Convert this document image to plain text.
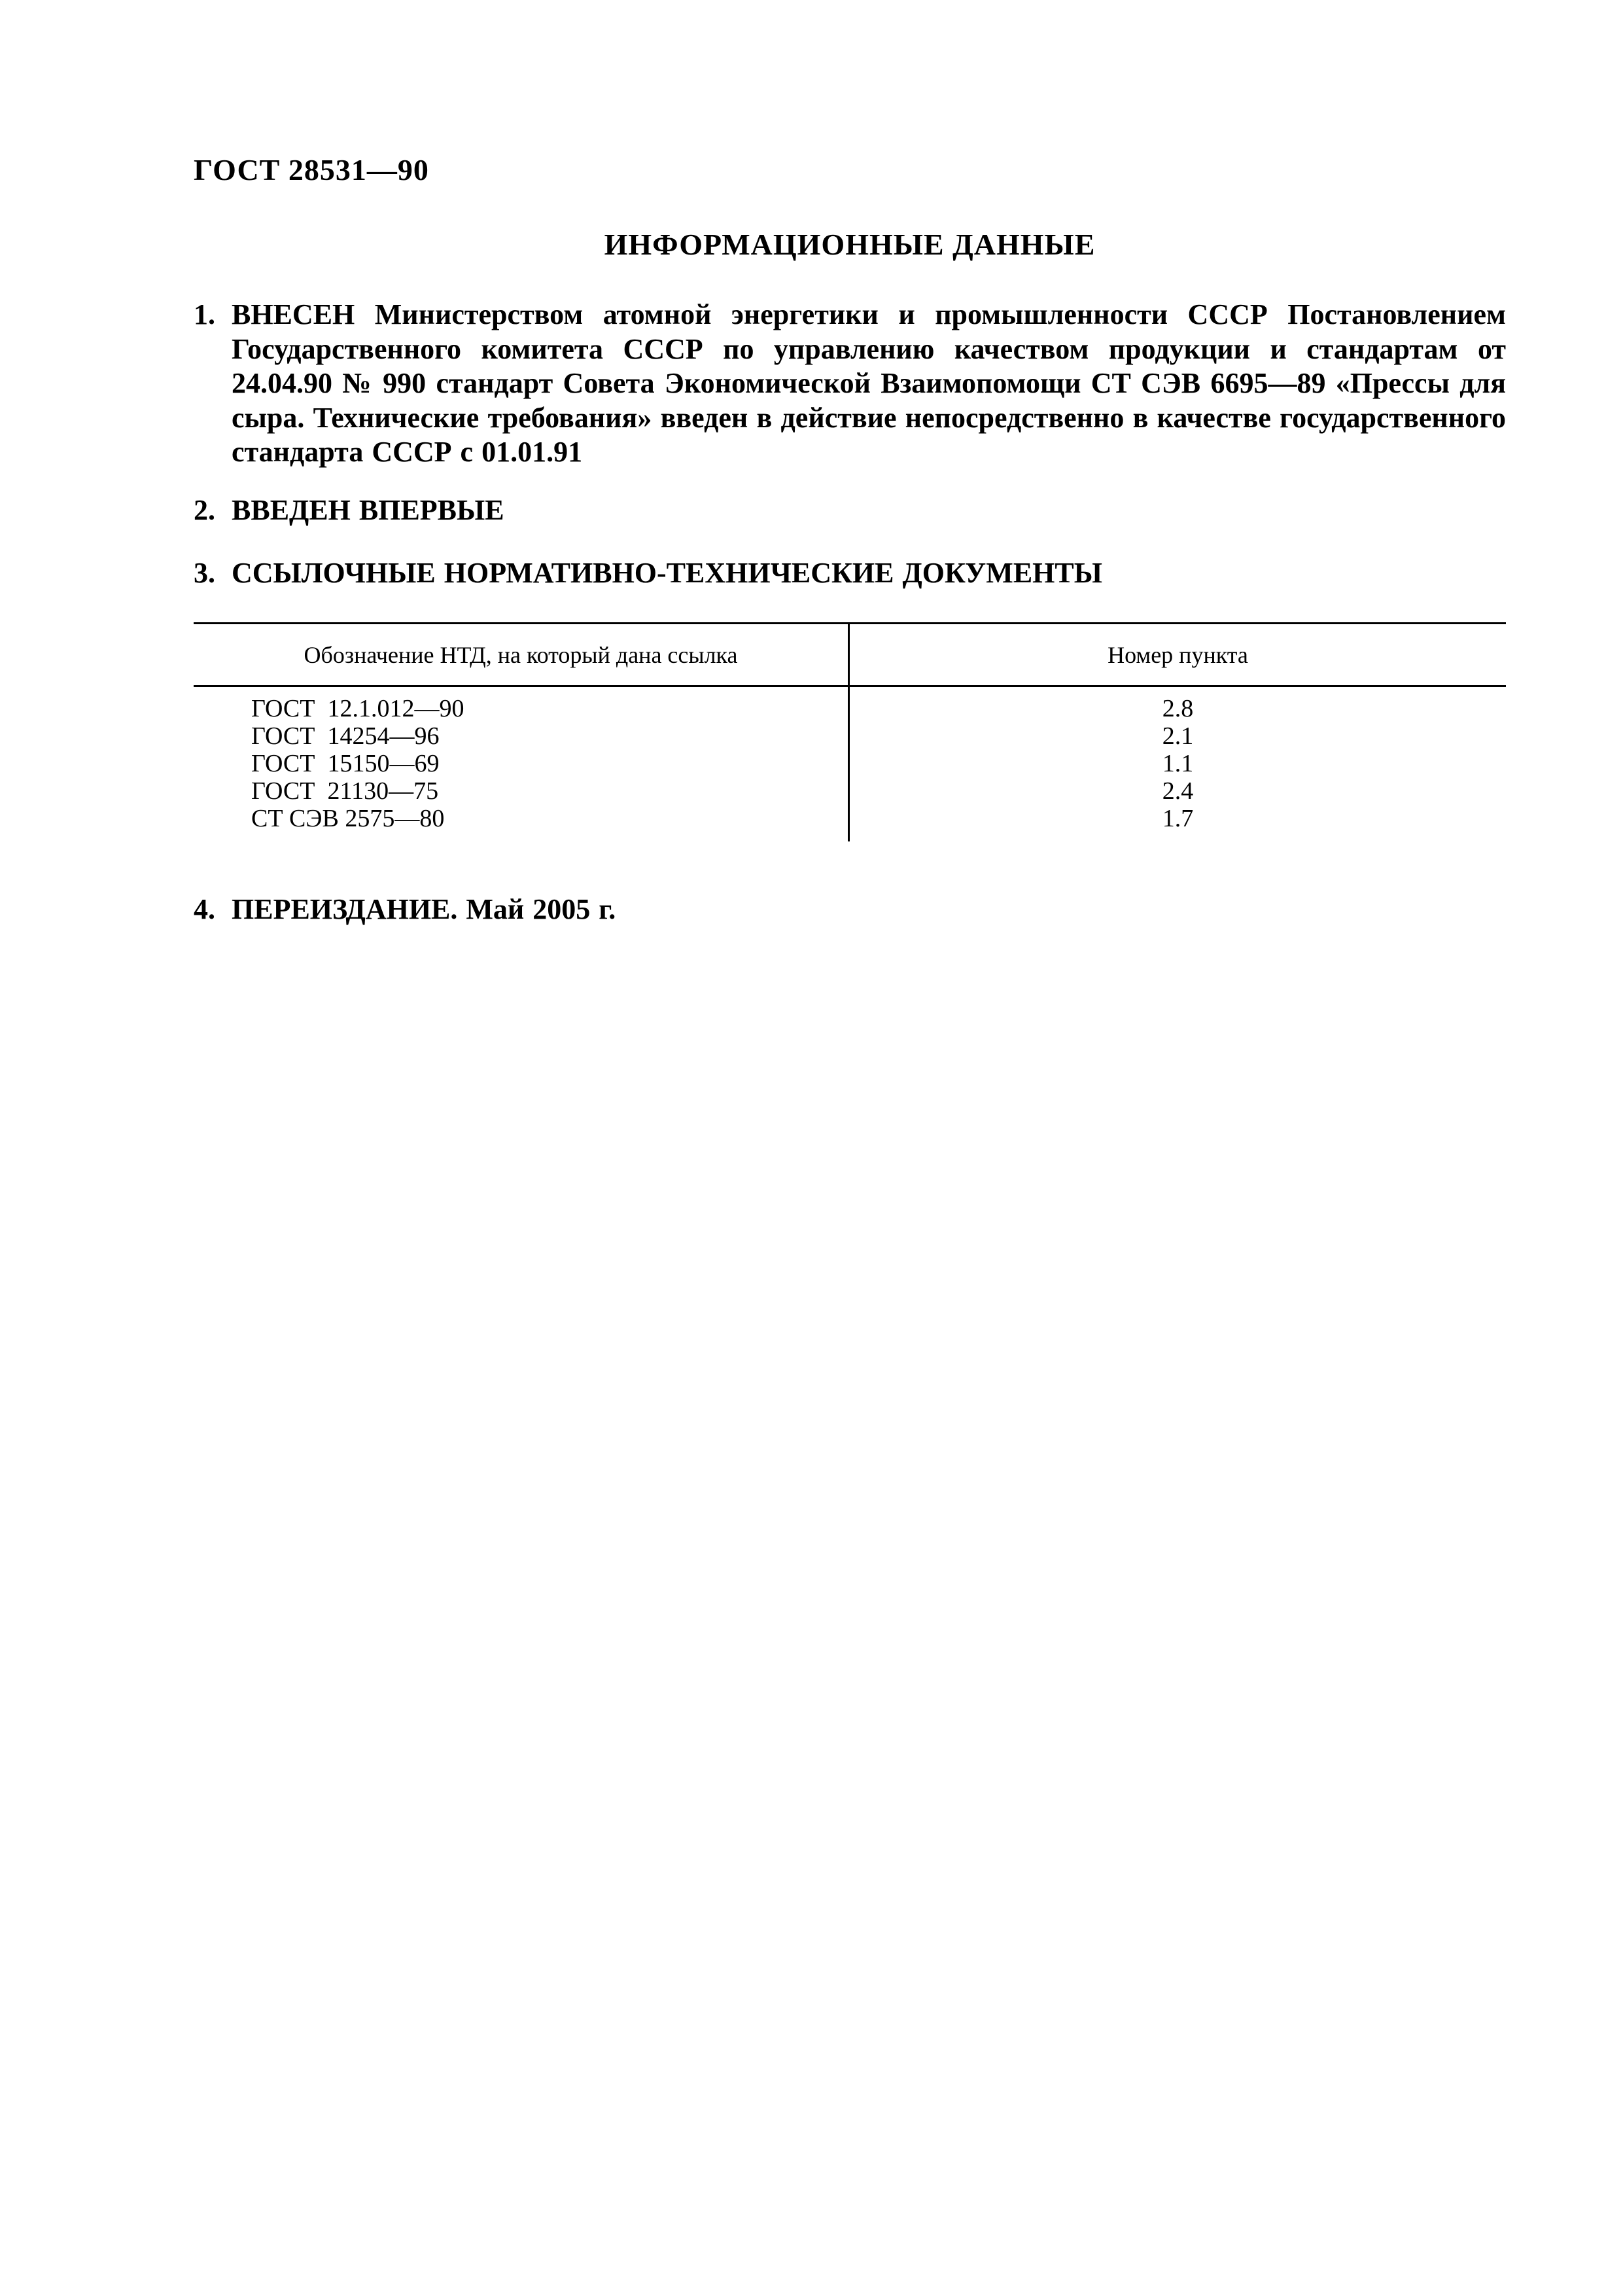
ГОСТ 28531—90
ИНФОРМАЦИОННЫЕ ДАННЫЕ
1. ВНЕСЕН Министерством атомной энергетики и промышленности СССР Постановлением Государственного комитета СССР по управлению качеством продукции и стандартам от 24.04.90 № 990 стандарт Совета Экономической Взаимопомощи СТ СЭВ 6695—89 «Прессы для сыра. Технические требования» введен в действие непосредственно в качестве государственного стандарта СССР с 01.01.91
2. ВВЕДЕН ВПЕРВЫЕ
3. ССЫЛОЧНЫЕ НОРМАТИВНО-ТЕХНИЧЕСКИЕ ДОКУМЕНТЫ
Обозначение НТД, на который дана ссылка	Номер пункта
ГОСТ  12.1.012—90	2.8
ГОСТ  14254—96	2.1
ГОСТ  15150—69	1.1
ГОСТ  21130—75	2.4
СТ СЭВ 2575—80	1.7
4. ПЕРЕИЗДАНИЕ. Май 2005 г.
